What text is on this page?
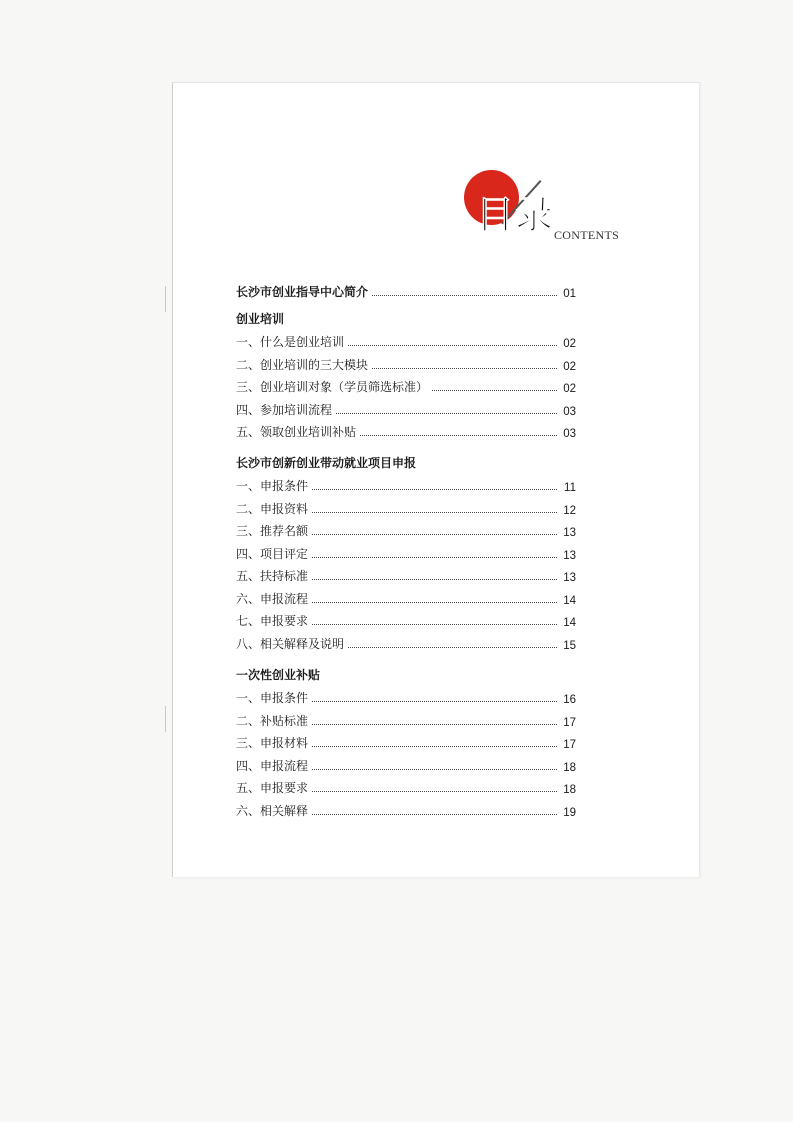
目录 CONTENTS
长沙市创业指导中心简介	01
创业培训
一、什么是创业培训	02
二、创业培训的三大模块	02
三、创业培训对象（学员筛选标准）	02
四、参加培训流程	03
五、领取创业培训补贴	03
长沙市创新创业带动就业项目申报
一、申报条件	11
二、申报资料	12
三、推荐名额	13
四、项目评定	13
五、扶持标准	13
六、申报流程	14
七、申报要求	14
八、相关解释及说明	15
一次性创业补贴
一、申报条件	16
二、补贴标准	17
三、申报材料	17
四、申报流程	18
五、申报要求	18
六、相关解释	19
